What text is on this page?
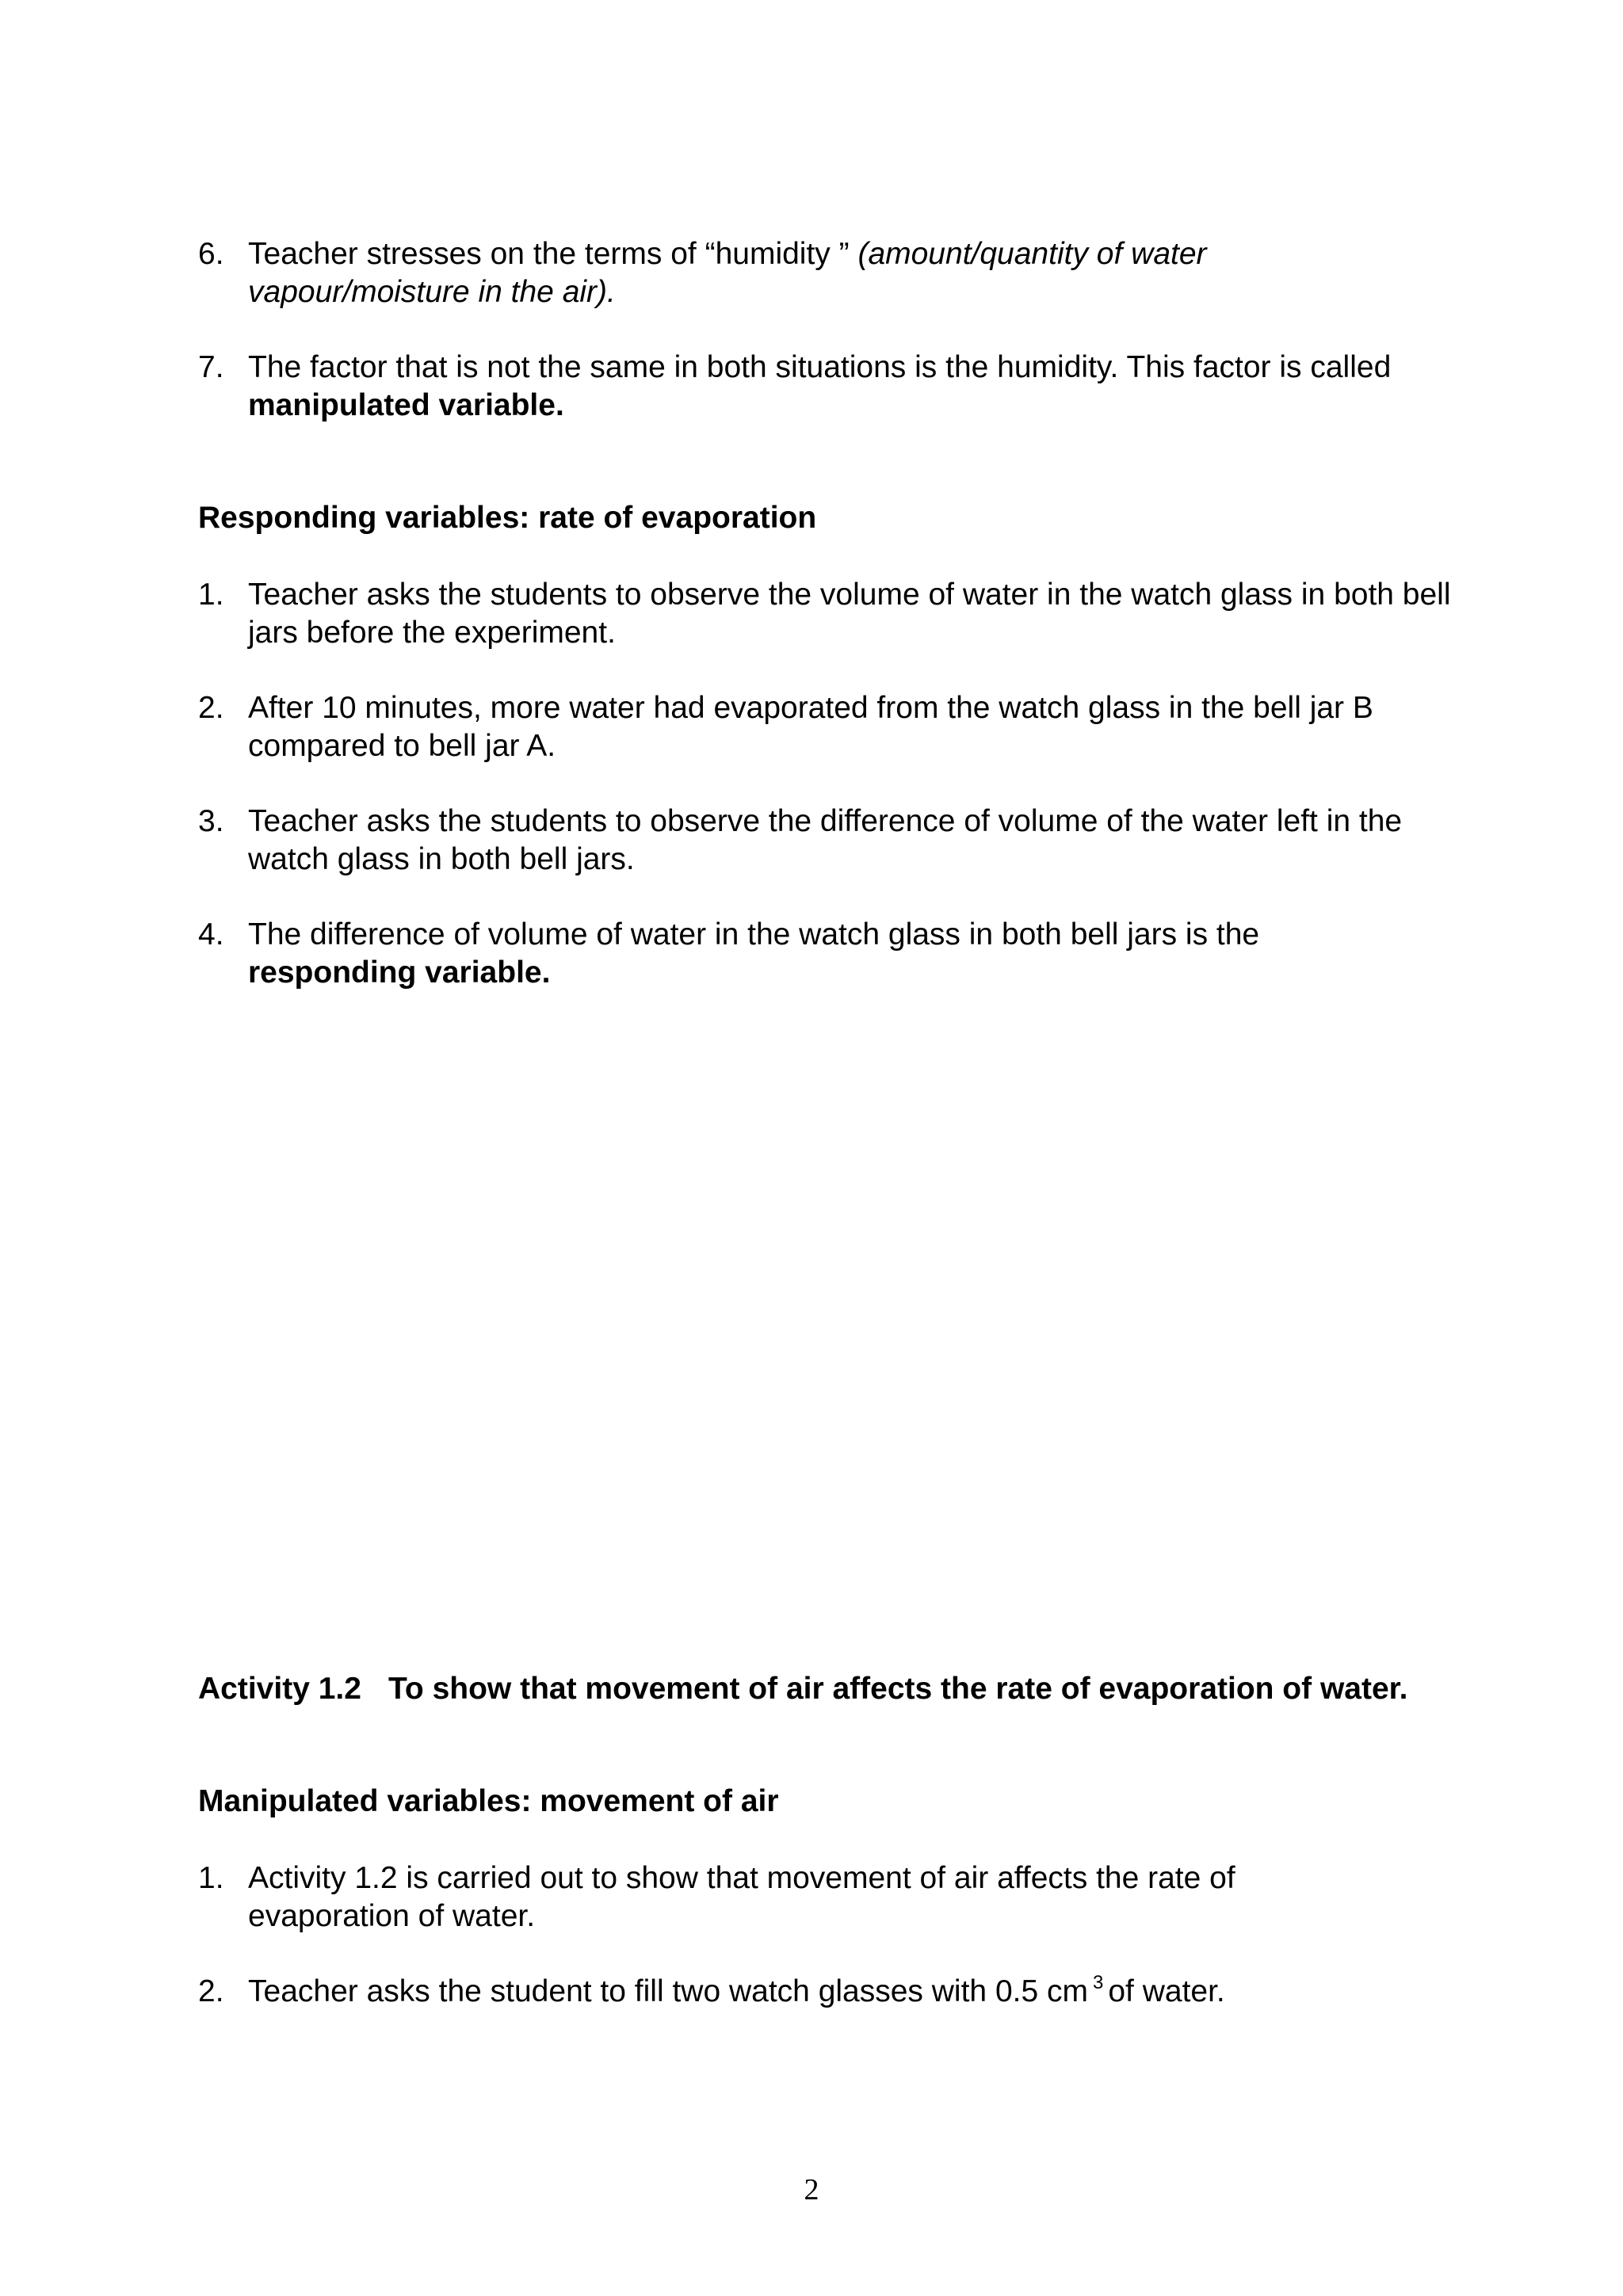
6. Teacher stresses on the terms of “humidity ” (amount/quantity of water vapour/moisture in the air).
7. The factor that is not the same in both situations is the humidity. This factor is called manipulated variable.
Responding variables: rate of evaporation
1. Teacher asks the students to observe the volume of water in the watch glass in both bell jars before the experiment.
2. After 10 minutes, more water had evaporated from the watch glass in the bell jar B compared to bell jar A.
3. Teacher asks the students to observe the difference of volume of the water left in the watch glass in both bell jars.
4. The difference of volume of water in the watch glass in both bell jars is the responding variable.
Activity 1.2 To show that movement of air affects the rate of evaporation of water.
Manipulated variables: movement of air
1. Activity 1.2 is carried out to show that movement of air affects the rate of evaporation of water.
2. Teacher asks the student to fill two watch glasses with 0.5 cm $^3$ of water.
2
